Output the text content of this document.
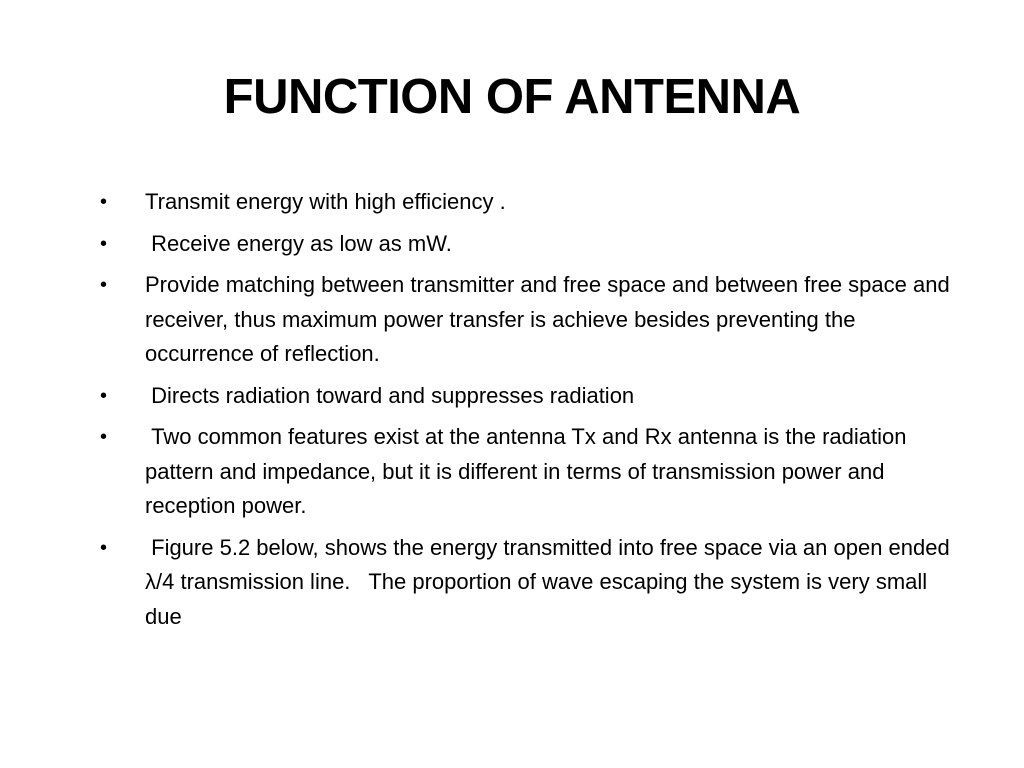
FUNCTION OF ANTENNA
•	Transmit energy with high efficiency .
•	Receive energy as low as mW.
•	Provide matching between transmitter and free space and between free space and receiver, thus maximum power transfer is achieve besides preventing the occurrence of reflection.
•	Directs radiation toward and suppresses radiation
•	Two common features exist at the antenna Tx and Rx antenna is the radiation pattern and impedance, but it is different in terms of transmission power and reception power.
•	Figure 5.2 below, shows the energy transmitted into free space via an open ended λ/4 transmission line.   The proportion of wave escaping the system is very small due
